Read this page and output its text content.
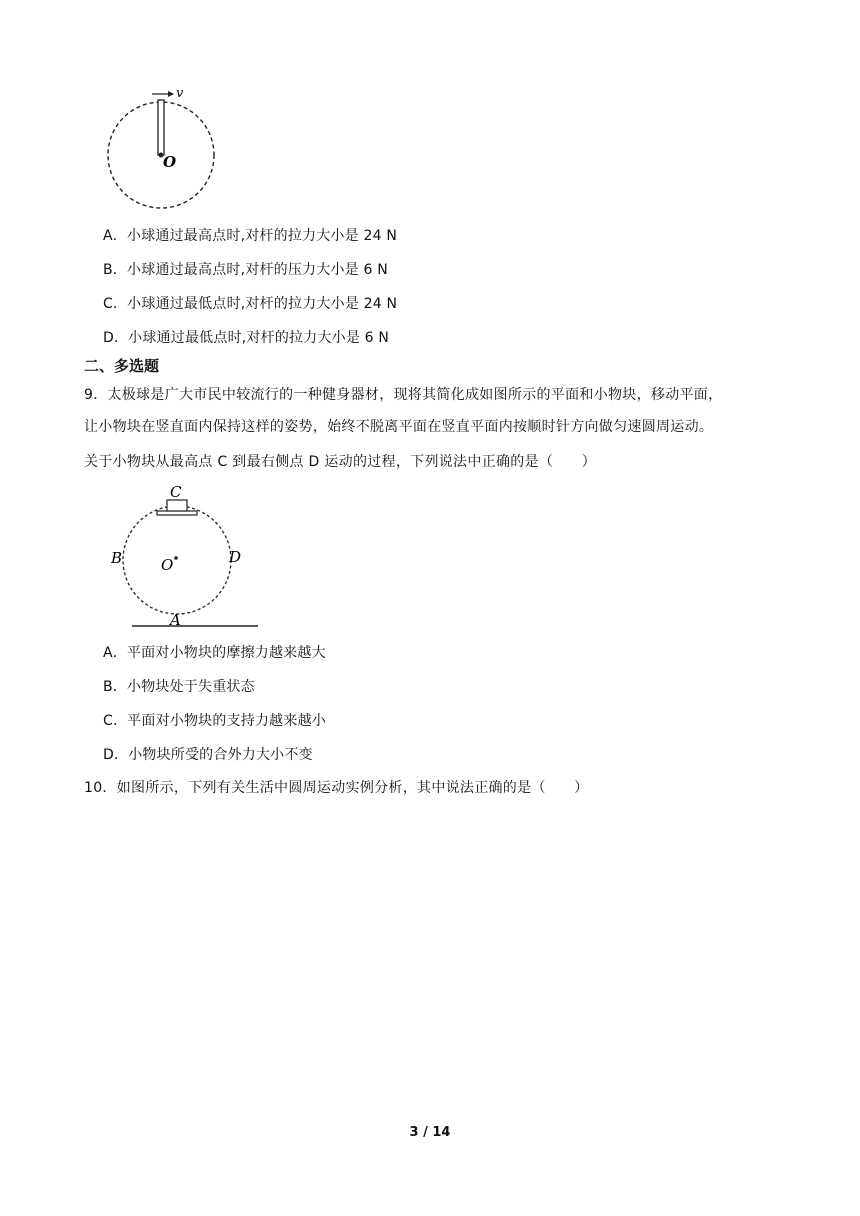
v
O
A．小球通过最高点时,对杆的拉力大小是 24 N
B．小球通过最高点时,对杆的压力大小是 6 N
C．小球通过最低点时,对杆的拉力大小是 24 N
D．小球通过最低点时,对杆的拉力大小是 6 N
二、多选题
9．太极球是广大市民中较流行的一种健身器材，现将其简化成如图所示的平面和小物块，移动平面，
让小物块在竖直面内保持这样的姿势，始终不脱离平面在竖直平面内按顺时针方向做匀速圆周运动。
关于小物块从最高点 C 到最右侧点 D 运动的过程，下列说法中正确的是（　　）
C
B	D
O
A
A．平面对小物块的摩擦力越来越大
B．小物块处于失重状态
C．平面对小物块的支持力越来越小
D．小物块所受的合外力大小不变
10．如图所示，下列有关生活中圆周运动实例分析，其中说法正确的是（　　）
3 / 14
